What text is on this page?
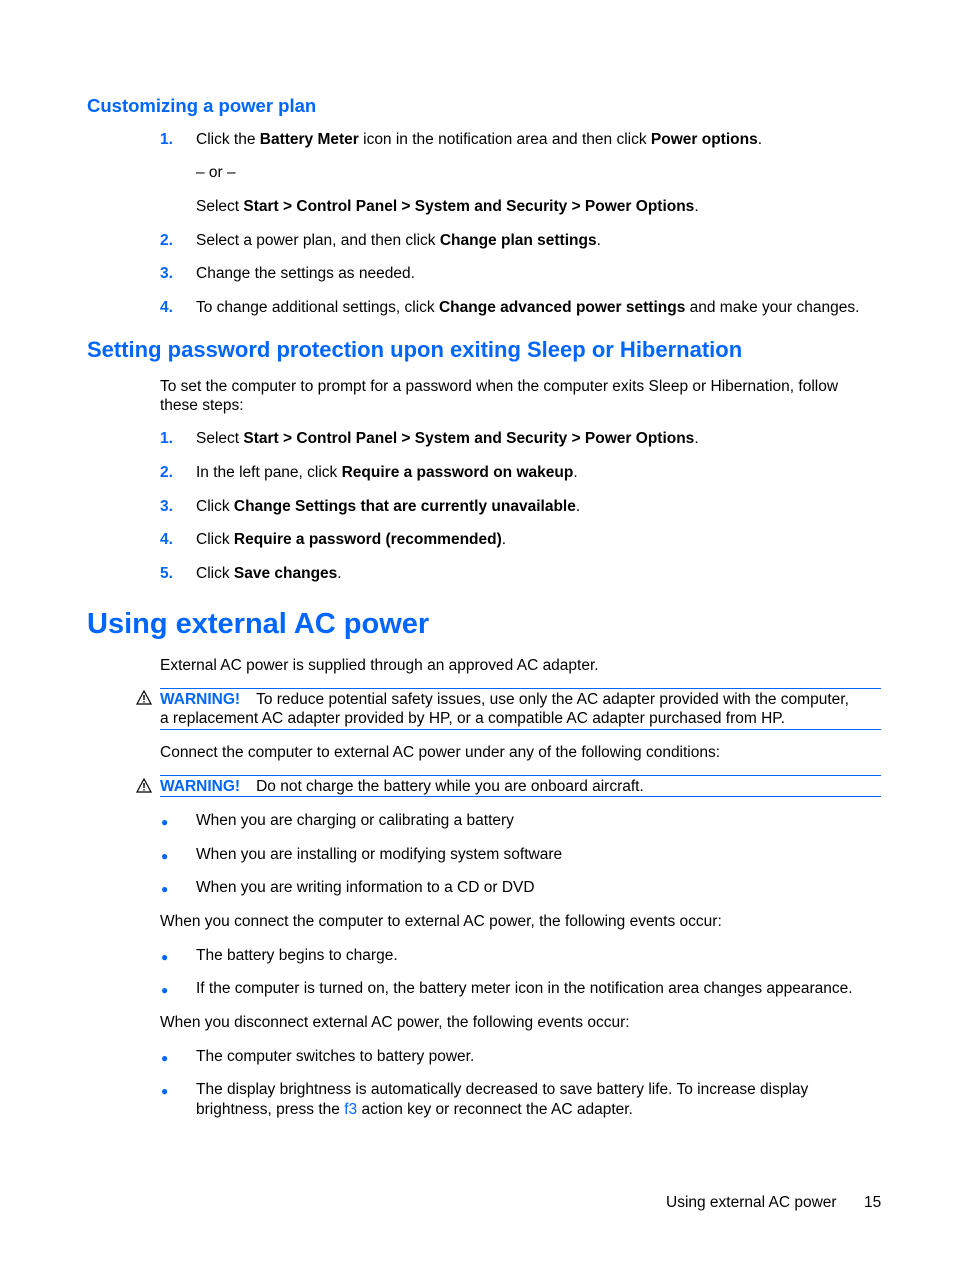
Customizing a power plan
1. Click the Battery Meter icon in the notification area and then click Power options.
– or –
Select Start > Control Panel > System and Security > Power Options.
2. Select a power plan, and then click Change plan settings.
3. Change the settings as needed.
4. To change additional settings, click Change advanced power settings and make your changes.
Setting password protection upon exiting Sleep or Hibernation
To set the computer to prompt for a password when the computer exits Sleep or Hibernation, follow
these steps:
1. Select Start > Control Panel > System and Security > Power Options.
2. In the left pane, click Require a password on wakeup.
3. Click Change Settings that are currently unavailable.
4. Click Require a password (recommended).
5. Click Save changes.
Using external AC power
External AC power is supplied through an approved AC adapter.
WARNING! To reduce potential safety issues, use only the AC adapter provided with the computer,
a replacement AC adapter provided by HP, or a compatible AC adapter purchased from HP.
Connect the computer to external AC power under any of the following conditions:
WARNING! Do not charge the battery while you are onboard aircraft.
● When you are charging or calibrating a battery
● When you are installing or modifying system software
● When you are writing information to a CD or DVD
When you connect the computer to external AC power, the following events occur:
● The battery begins to charge.
● If the computer is turned on, the battery meter icon in the notification area changes appearance.
When you disconnect external AC power, the following events occur:
● The computer switches to battery power.
● The display brightness is automatically decreased to save battery life. To increase display
brightness, press the f3 action key or reconnect the AC adapter.
Using external AC power 15
